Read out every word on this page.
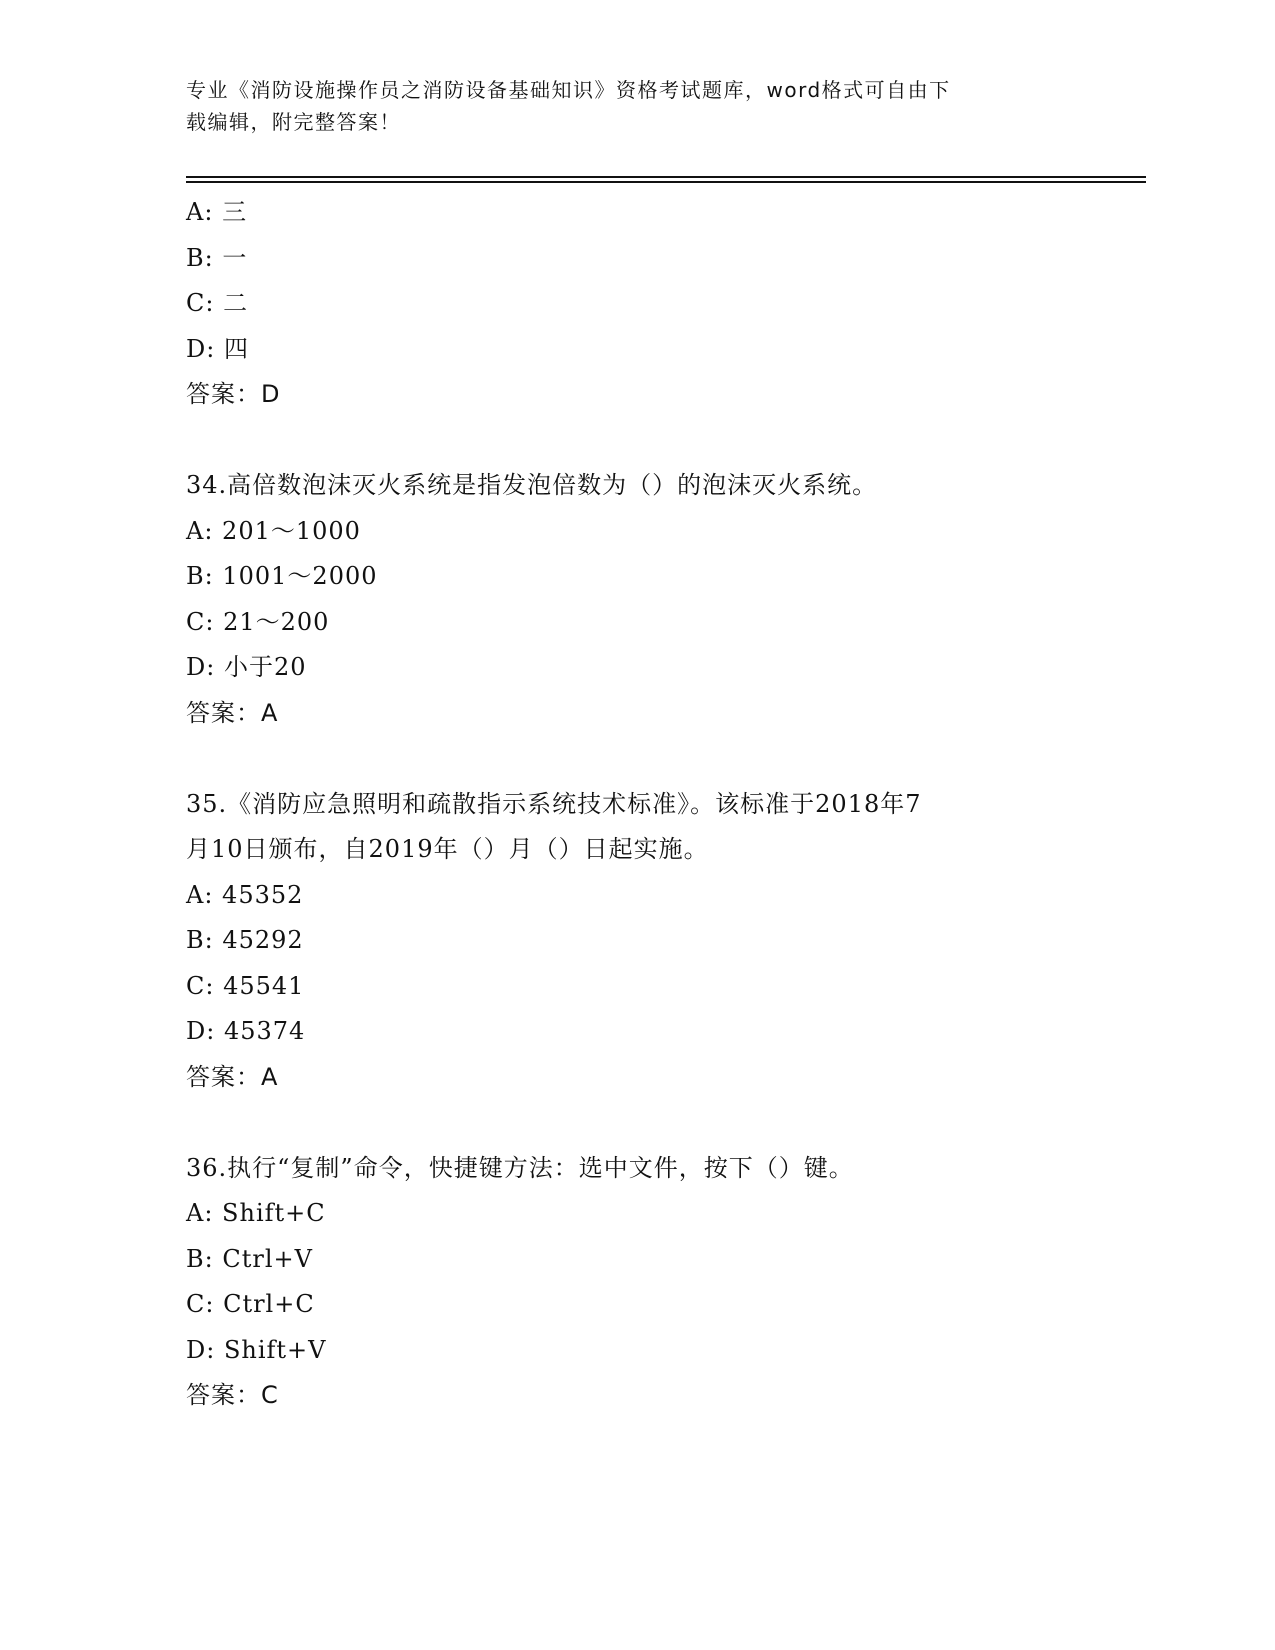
专业《消防设施操作员之消防设备基础知识》资格考试题库，word格式可自由下
载编辑，附完整答案！
A: 三
B: 一
C: 二
D: 四
答案：D
34.高倍数泡沫灭火系统是指发泡倍数为（）的泡沫灭火系统。
A: 201～1000
B: 1001～2000
C: 21～200
D: 小于20
答案：A
35.《消防应急照明和疏散指示系统技术标准》。该标准于2018年7
月10日颁布，自2019年（）月（）日起实施。
A: 45352
B: 45292
C: 45541
D: 45374
答案：A
36.执行“复制”命令，快捷键方法：选中文件，按下（）键。
A: Shift+C
B: Ctrl+V
C: Ctrl+C
D: Shift+V
答案：C
